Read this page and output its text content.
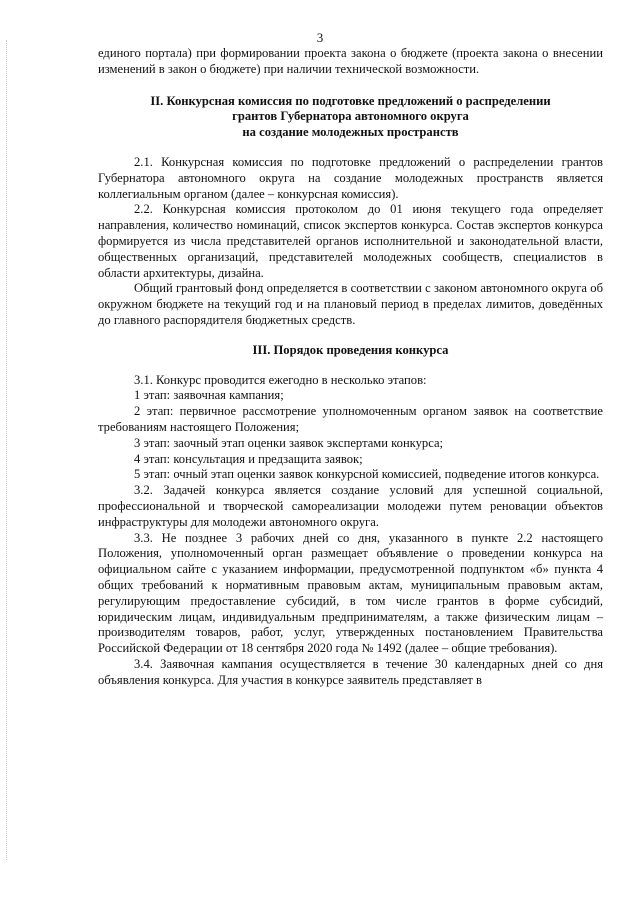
3

единого портала) при формировании проекта закона о бюджете (проекта закона о внесении изменений в закон о бюджете) при наличии технической возможности.

II. Конкурсная комиссия по подготовке предложений о распределении
грантов Губернатора автономного округа
на создание молодежных пространств

2.1. Конкурсная комиссия по подготовке предложений о распределении грантов Губернатора автономного округа на создание молодежных пространств является коллегиальным органом (далее – конкурсная комиссия).

2.2. Конкурсная комиссия протоколом до 01 июня текущего года определяет направления, количество номинаций, список экспертов конкурса. Состав экспертов конкурса формируется из числа представителей органов исполнительной и законодательной власти, общественных организаций, представителей молодежных сообществ, специалистов в области архитектуры, дизайна.

Общий грантовый фонд определяется в соответствии с законом автономного округа об окружном бюджете на текущий год и на плановый период в пределах лимитов, доведённых до главного распорядителя бюджетных средств.

III. Порядок проведения конкурса

3.1. Конкурс проводится ежегодно в несколько этапов:

1 этап: заявочная кампания;

2 этап: первичное рассмотрение уполномоченным органом заявок на соответствие требованиям настоящего Положения;

3 этап: заочный этап оценки заявок экспертами конкурса;

4 этап: консультация и предзащита заявок;

5 этап: очный этап оценки заявок конкурсной комиссией, подведение итогов конкурса.

3.2. Задачей конкурса является создание условий для успешной социальной, профессиональной и творческой самореализации молодежи путем реновации объектов инфраструктуры для молодежи автономного округа.

3.3. Не позднее 3 рабочих дней со дня, указанного в пункте 2.2 настоящего Положения, уполномоченный орган размещает объявление о проведении конкурса на официальном сайте с указанием информации, предусмотренной подпунктом «б» пункта 4 общих требований к нормативным правовым актам, муниципальным правовым актам, регулирующим предоставление субсидий, в том числе грантов в форме субсидий, юридическим лицам, индивидуальным предпринимателям, а также физическим лицам – производителям товаров, работ, услуг, утвержденных постановлением Правительства Российской Федерации от 18 сентября 2020 года № 1492 (далее – общие требования).

3.4. Заявочная кампания осуществляется в течение 30 календарных дней со дня объявления конкурса. Для участия в конкурсе заявитель представляет в
